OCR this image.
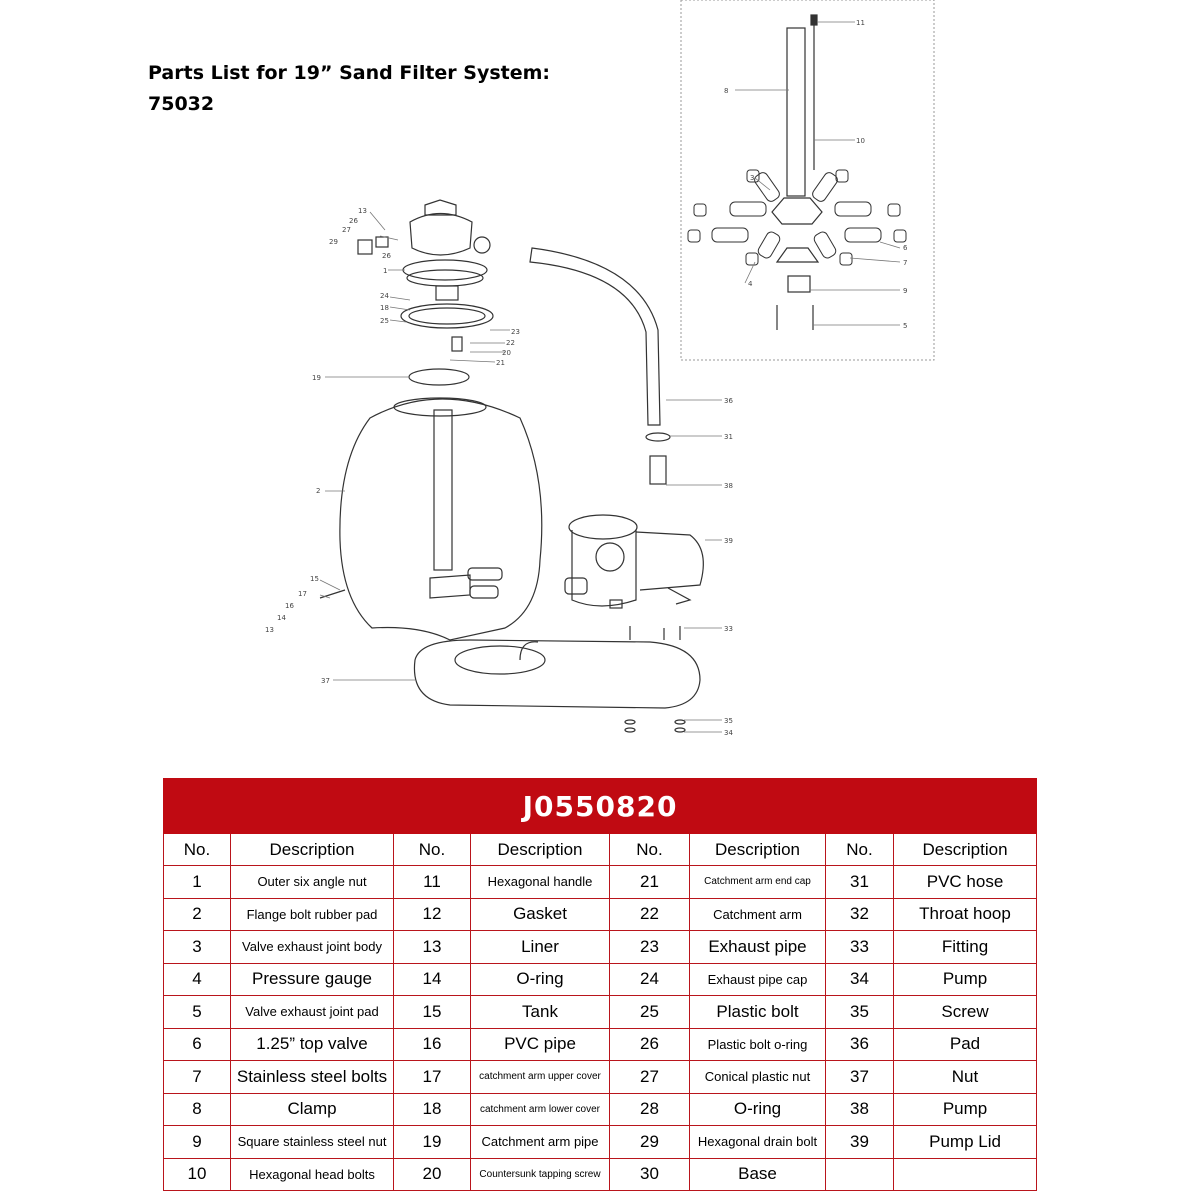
Parts List for 19” Sand Filter System:
75032
11
8
10
3
6
7
4
9
5
13
26
27
29
26
1
24
18
25
23
22
20
21
19
2
15
17
16
14
13
37
36
31
38
39
33
35
34
J0550820							
No.	Description	No.	Description	No.	Description	No.	Description
1	Outer six angle nut	11	Hexagonal handle	21	Catchment arm end cap	31	PVC hose
2	Flange bolt rubber pad	12	Gasket	22	Catchment arm	32	Throat hoop
3	Valve exhaust joint body	13	Liner	23	Exhaust pipe	33	Fitting
4	Pressure gauge	14	O-ring	24	Exhaust pipe cap	34	Pump
5	Valve exhaust joint pad	15	Tank	25	Plastic bolt	35	Screw
6	1.25” top valve	16	PVC pipe	26	Plastic bolt o-ring	36	Pad
7	Stainless steel bolts	17	catchment arm upper cover	27	Conical plastic nut	37	Nut
8	Clamp	18	catchment arm lower cover	28	O-ring	38	Pump
9	Square stainless steel nut	19	Catchment arm pipe	29	Hexagonal drain bolt	39	Pump Lid
10	Hexagonal head bolts	20	Countersunk tapping screw	30	Base		
